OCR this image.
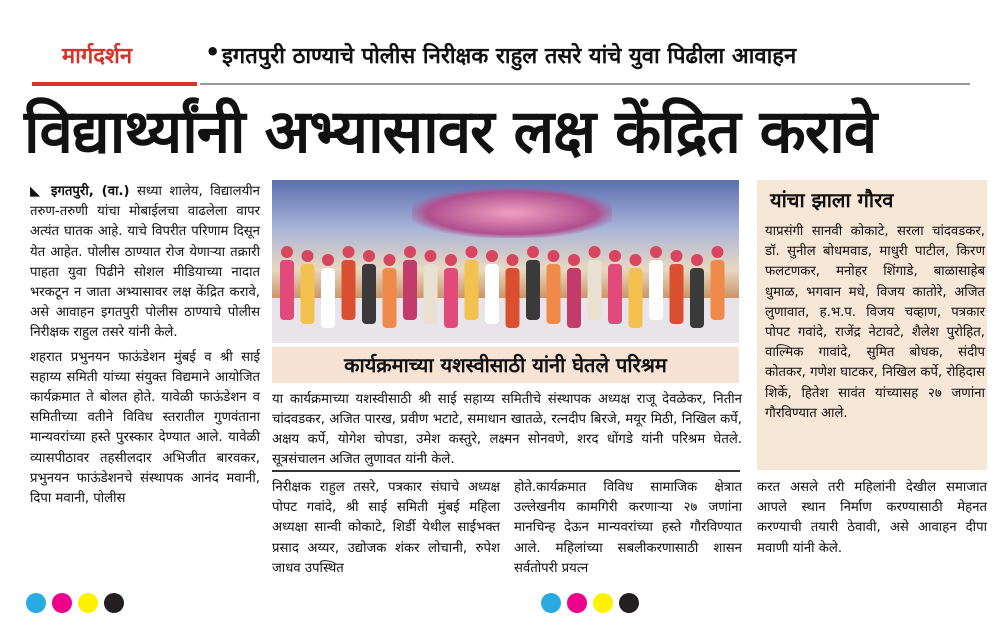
मार्गदर्शन	• इगतपुरी ठाण्याचे पोलीस निरीक्षक राहुल तसरे यांचे युवा पिढीला आवाहन
विद्यार्थ्यांनी अभ्यासावर लक्ष केंद्रित करावे

◣ इगतपुरी, (वा.) सध्या शालेय, विद्यालयीन तरुण-तरुणी यांचा मोबाईलचा वाढलेला वापर अत्यंत घातक आहे. याचे विपरीत परिणाम दिसून येत आहेत. पोलीस ठाण्यात रोज येणाऱ्या तक्रारी पाहता युवा पिढीने सोशल मीडियाच्या नादात भरकटून न जाता अभ्यासावर लक्ष केंद्रित करावे, असे आवाहन इगतपुरी पोलीस ठाण्याचे पोलीस निरीक्षक राहुल तसरे यांनी केले.

शहरात प्रभुनयन फाऊंडेशन मुंबई व श्री साई सहाय्य समिती यांच्या संयुक्त विद्यमाने आयोजित कार्यक्रमात ते बोलत होते. यावेळी फाऊंडेशन व समितीच्या वतीने विविध स्तरातील गुणवंताना मान्यवरांच्या हस्ते पुरस्कार देण्यात आले. यावेळी व्यासपीठावर तहसीलदार अभिजीत बारवकर, प्रभुनयन फाऊंडेशनचे संस्थापक आनंद मवानी, दिपा मवानी, पोलीस

कार्यक्रमाच्या यशस्वीसाठी यांनी घेतले परिश्रम
या कार्यक्रमाच्या यशस्वीसाठी श्री साई सहाय्य समितीचे संस्थापक अध्यक्ष राजू देवळेकर, नितीन चांदवडकर, अजित पारख, प्रवीण भटाटे, समाधान खातळे, रत्नदीप बिरजे, मयूर मिठी, निखिल कर्पे, अक्षय कर्पे, योगेश चोपडा, उमेश कस्तुरे, लक्ष्मन सोनवणे, शरद धोंगडे यांनी परिश्रम घेतले. सूत्रसंचालन अजित लुणावत यांनी केले.
निरीक्षक राहुल तसरे, पत्रकार संघाचे अध्यक्ष पोपट गवांदे, श्री साई समिती मुंबई महिला अध्यक्षा सान्वी कोकाटे, शिर्डी येथील साईभक्त प्रसाद अय्यर, उद्योजक शंकर लोचानी, रुपेश जाधव उपस्थित
होते.कार्यक्रमात विविध सामाजिक क्षेत्रात उल्लेखनीय कामगिरी करणाऱ्या २७ जणांना मानचिन्ह देऊन मान्यवरांच्या हस्ते गौरविण्यात आले. महिलांच्या सबलीकरणासाठी शासन सर्वतोपरी प्रयत्न
यांचा झाला गौरव
याप्रसंगी सानवी कोकाटे, सरला चांदवडकर, डॉ. सुनील बोधमवाड, माधुरी पाटील, किरण फलटणकर, मनोहर शिंगाडे, बाळासाहेब धुमाळ, भगवान मधे, विजय कातोरे, अजित लुणावात, ह.भ.प. विजय चव्हाण, पत्रकार पोपट गवांदे, राजेंद्र नेटावटे, शैलेश पुरोहित, वाल्मिक गावांदे, सुमित बोधक, संदीप कोतकर, गणेश घाटकर, निखिल कर्पे, रोहिदास शिर्के, हितेश सावंत यांच्यासह २७ जणांना गौरविण्यात आले.
करत असले तरी महिलांनी देखील समाजात आपले स्थान निर्माण करण्यासाठी मेहनत करण्याची तयारी ठेवावी, असे आवाहन दीपा मवाणी यांनी केले.
